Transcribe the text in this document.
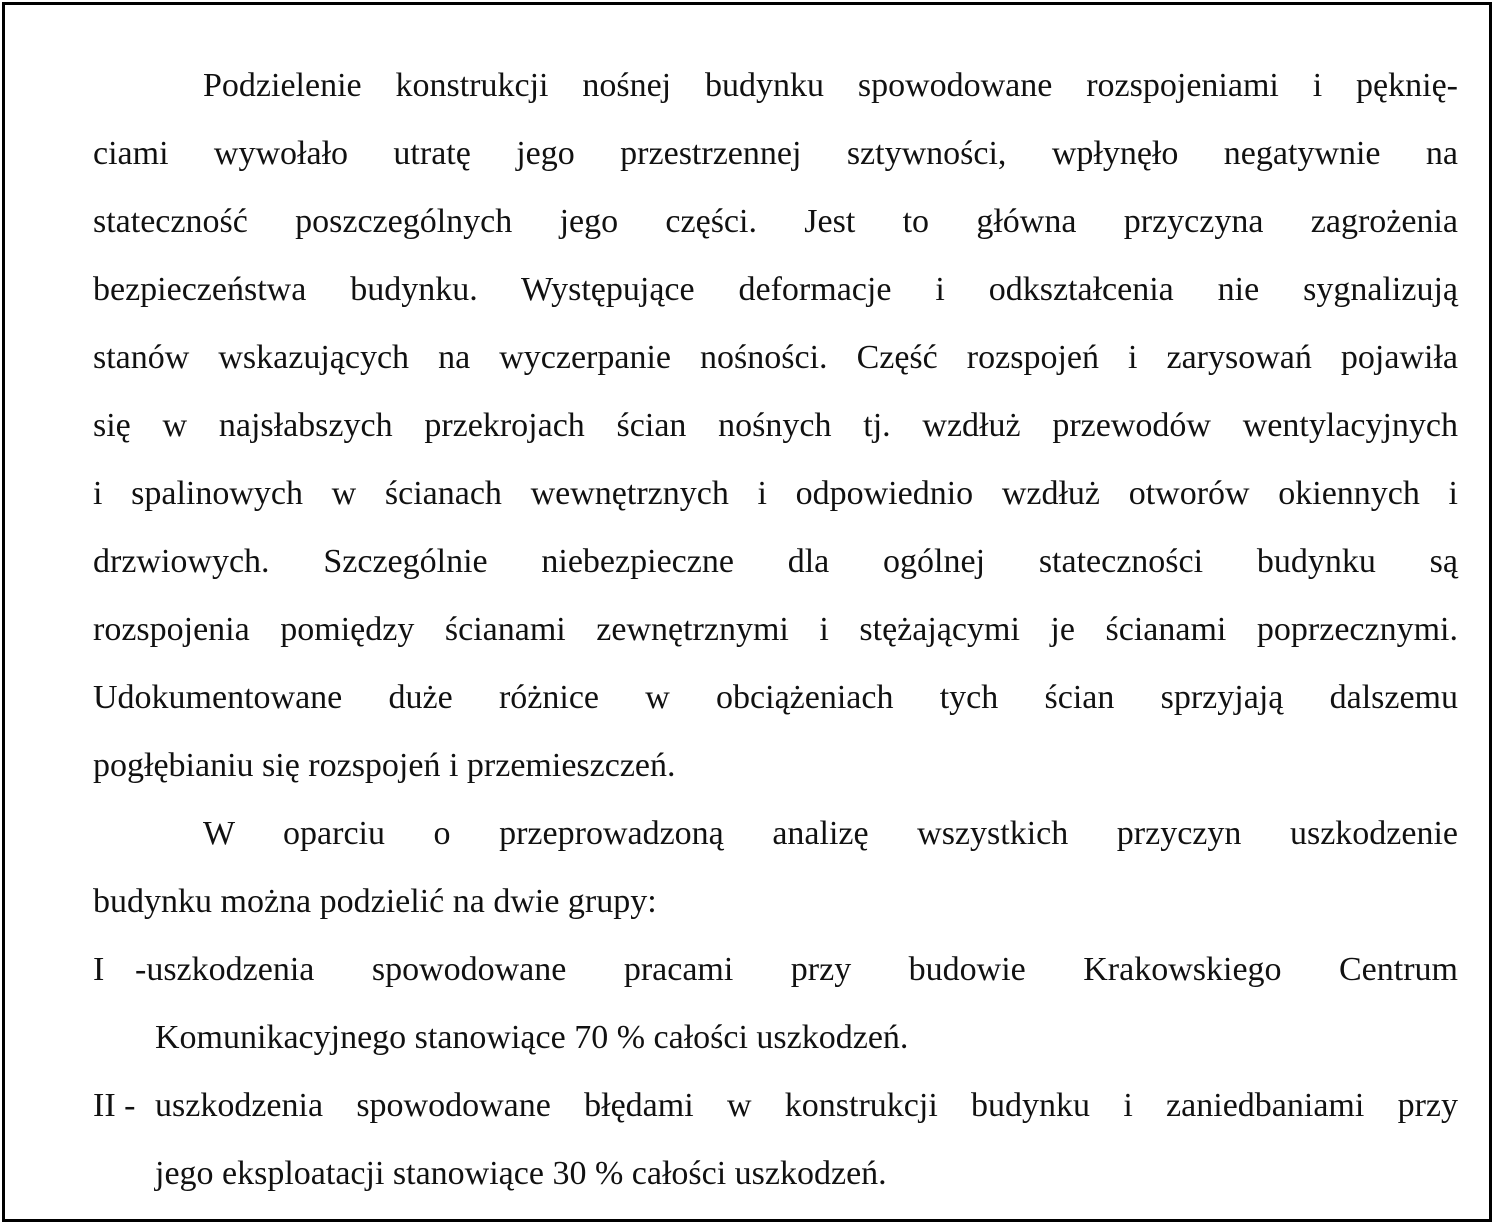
Podzielenie konstrukcji nośnej budynku spowodowane rozspojeniami i pęknię-
ciami wywołało utratę jego przestrzennej sztywności, wpłynęło negatywnie na
stateczność poszczególnych jego części. Jest to główna przyczyna zagrożenia
bezpieczeństwa budynku. Występujące deformacje i odkształcenia nie sygnalizują
stanów wskazujących na wyczerpanie nośności. Część rozspojeń i zarysowań pojawiła
się w najsłabszych przekrojach ścian nośnych tj. wzdłuż przewodów wentylacyjnych
i spalinowych w ścianach wewnętrznych i odpowiednio wzdłuż otworów okiennych i
drzwiowych. Szczególnie niebezpieczne dla ogólnej stateczności budynku są
rozspojenia pomiędzy ścianami zewnętrznymi i stężającymi je ścianami poprzecznymi.
Udokumentowane duże różnice w obciążeniach tych ścian sprzyjają dalszemu
pogłębianiu się rozspojeń i przemieszczeń.
W oparciu o przeprowadzoną analizę wszystkich przyczyn uszkodzenie
budynku można podzielić na dwie grupy:
I -uszkodzenia spowodowane pracami przy budowie Krakowskiego Centrum
Komunikacyjnego stanowiące 70 % całości uszkodzeń.
II - uszkodzenia spowodowane błędami w konstrukcji budynku i zaniedbaniami przy
jego eksploatacji stanowiące 30 % całości uszkodzeń.
